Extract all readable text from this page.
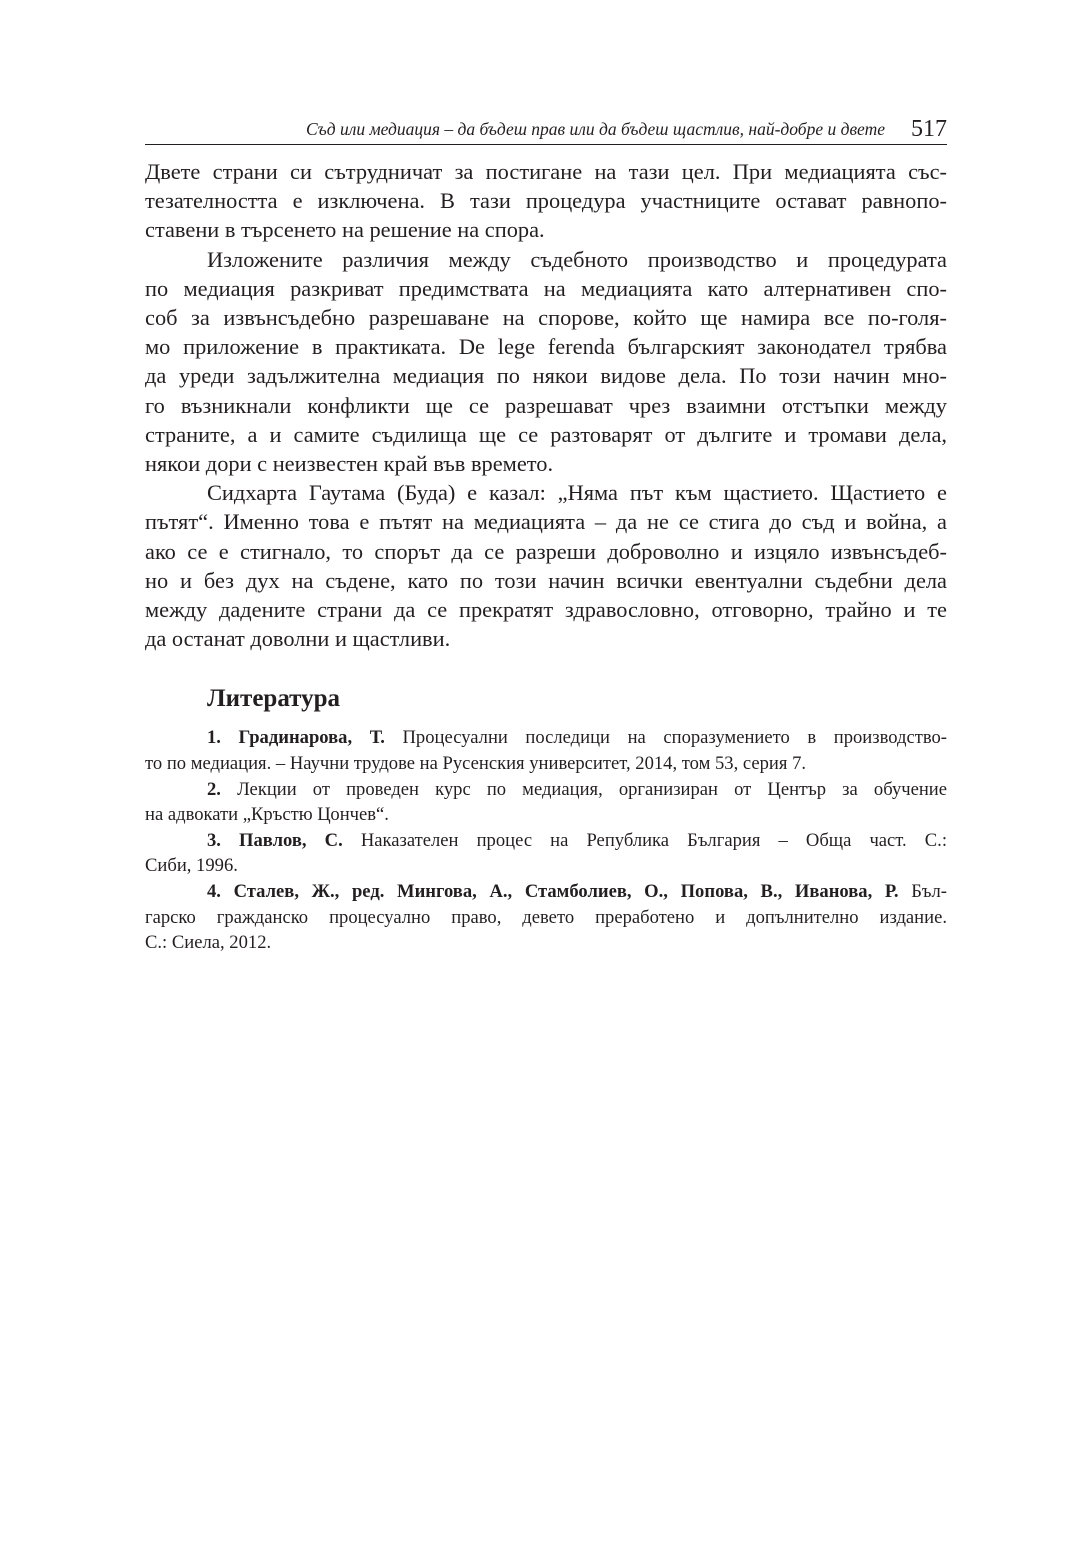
Съд или медиация – да бъдеш прав или да бъдеш щастлив, най-добре и двете 517

Двете страни си сътрудничат за постигане на тази цел. При медиацията със-
тезателността е изключена. В тази процедура участниците остават равнопо-
ставени в търсенето на решение на спора.

Изложените различия между съдебното производство и процедурата
по медиация разкриват предимствата на медиацията като алтернативен спо-
соб за извънсъдебно разрешаване на спорове, който ще намира все по-голя-
мо приложение в практиката. De lege ferenda българският законодател трябва
да уреди задължителна медиация по някои видове дела. По този начин мно-
го възникнали конфликти ще се разрешават чрез взаимни отстъпки между
страните, а и самите съдилища ще се разтоварят от дългите и тромави дела,
някои дори с неизвестен край във времето.

Сидхарта Гаутама (Буда) е казал: „Няма път към щастието. Щастието е
пътят“. Именно това е пътят на медиацията – да не се стига до съд и война, а
ако се е стигнало, то спорът да се разреши доброволно и изцяло извънсъдеб-
но и без дух на съдене, като по този начин всички евентуални съдебни дела
между дадените страни да се прекратят здравословно, отговорно, трайно и те
да останат доволни и щастливи.

Литература

1. Градинарова, Т. Процесуални последици на споразумението в производство-
то по медиация. – Научни трудове на Русенския университет, 2014, том 53, серия 7.

2. Лекции от проведен курс по медиация, организиран от Център за обучение
на адвокати „Кръстю Цончев“.

3. Павлов, С. Наказателен процес на Република България – Обща част. С.:
Сиби, 1996.

4. Сталев, Ж., ред. Мингова, А., Стамболиев, О., Попова, В., Иванова, Р. Бъл-
гарско гражданско процесуално право, девето преработено и допълнително издание.
С.: Сиела, 2012.
